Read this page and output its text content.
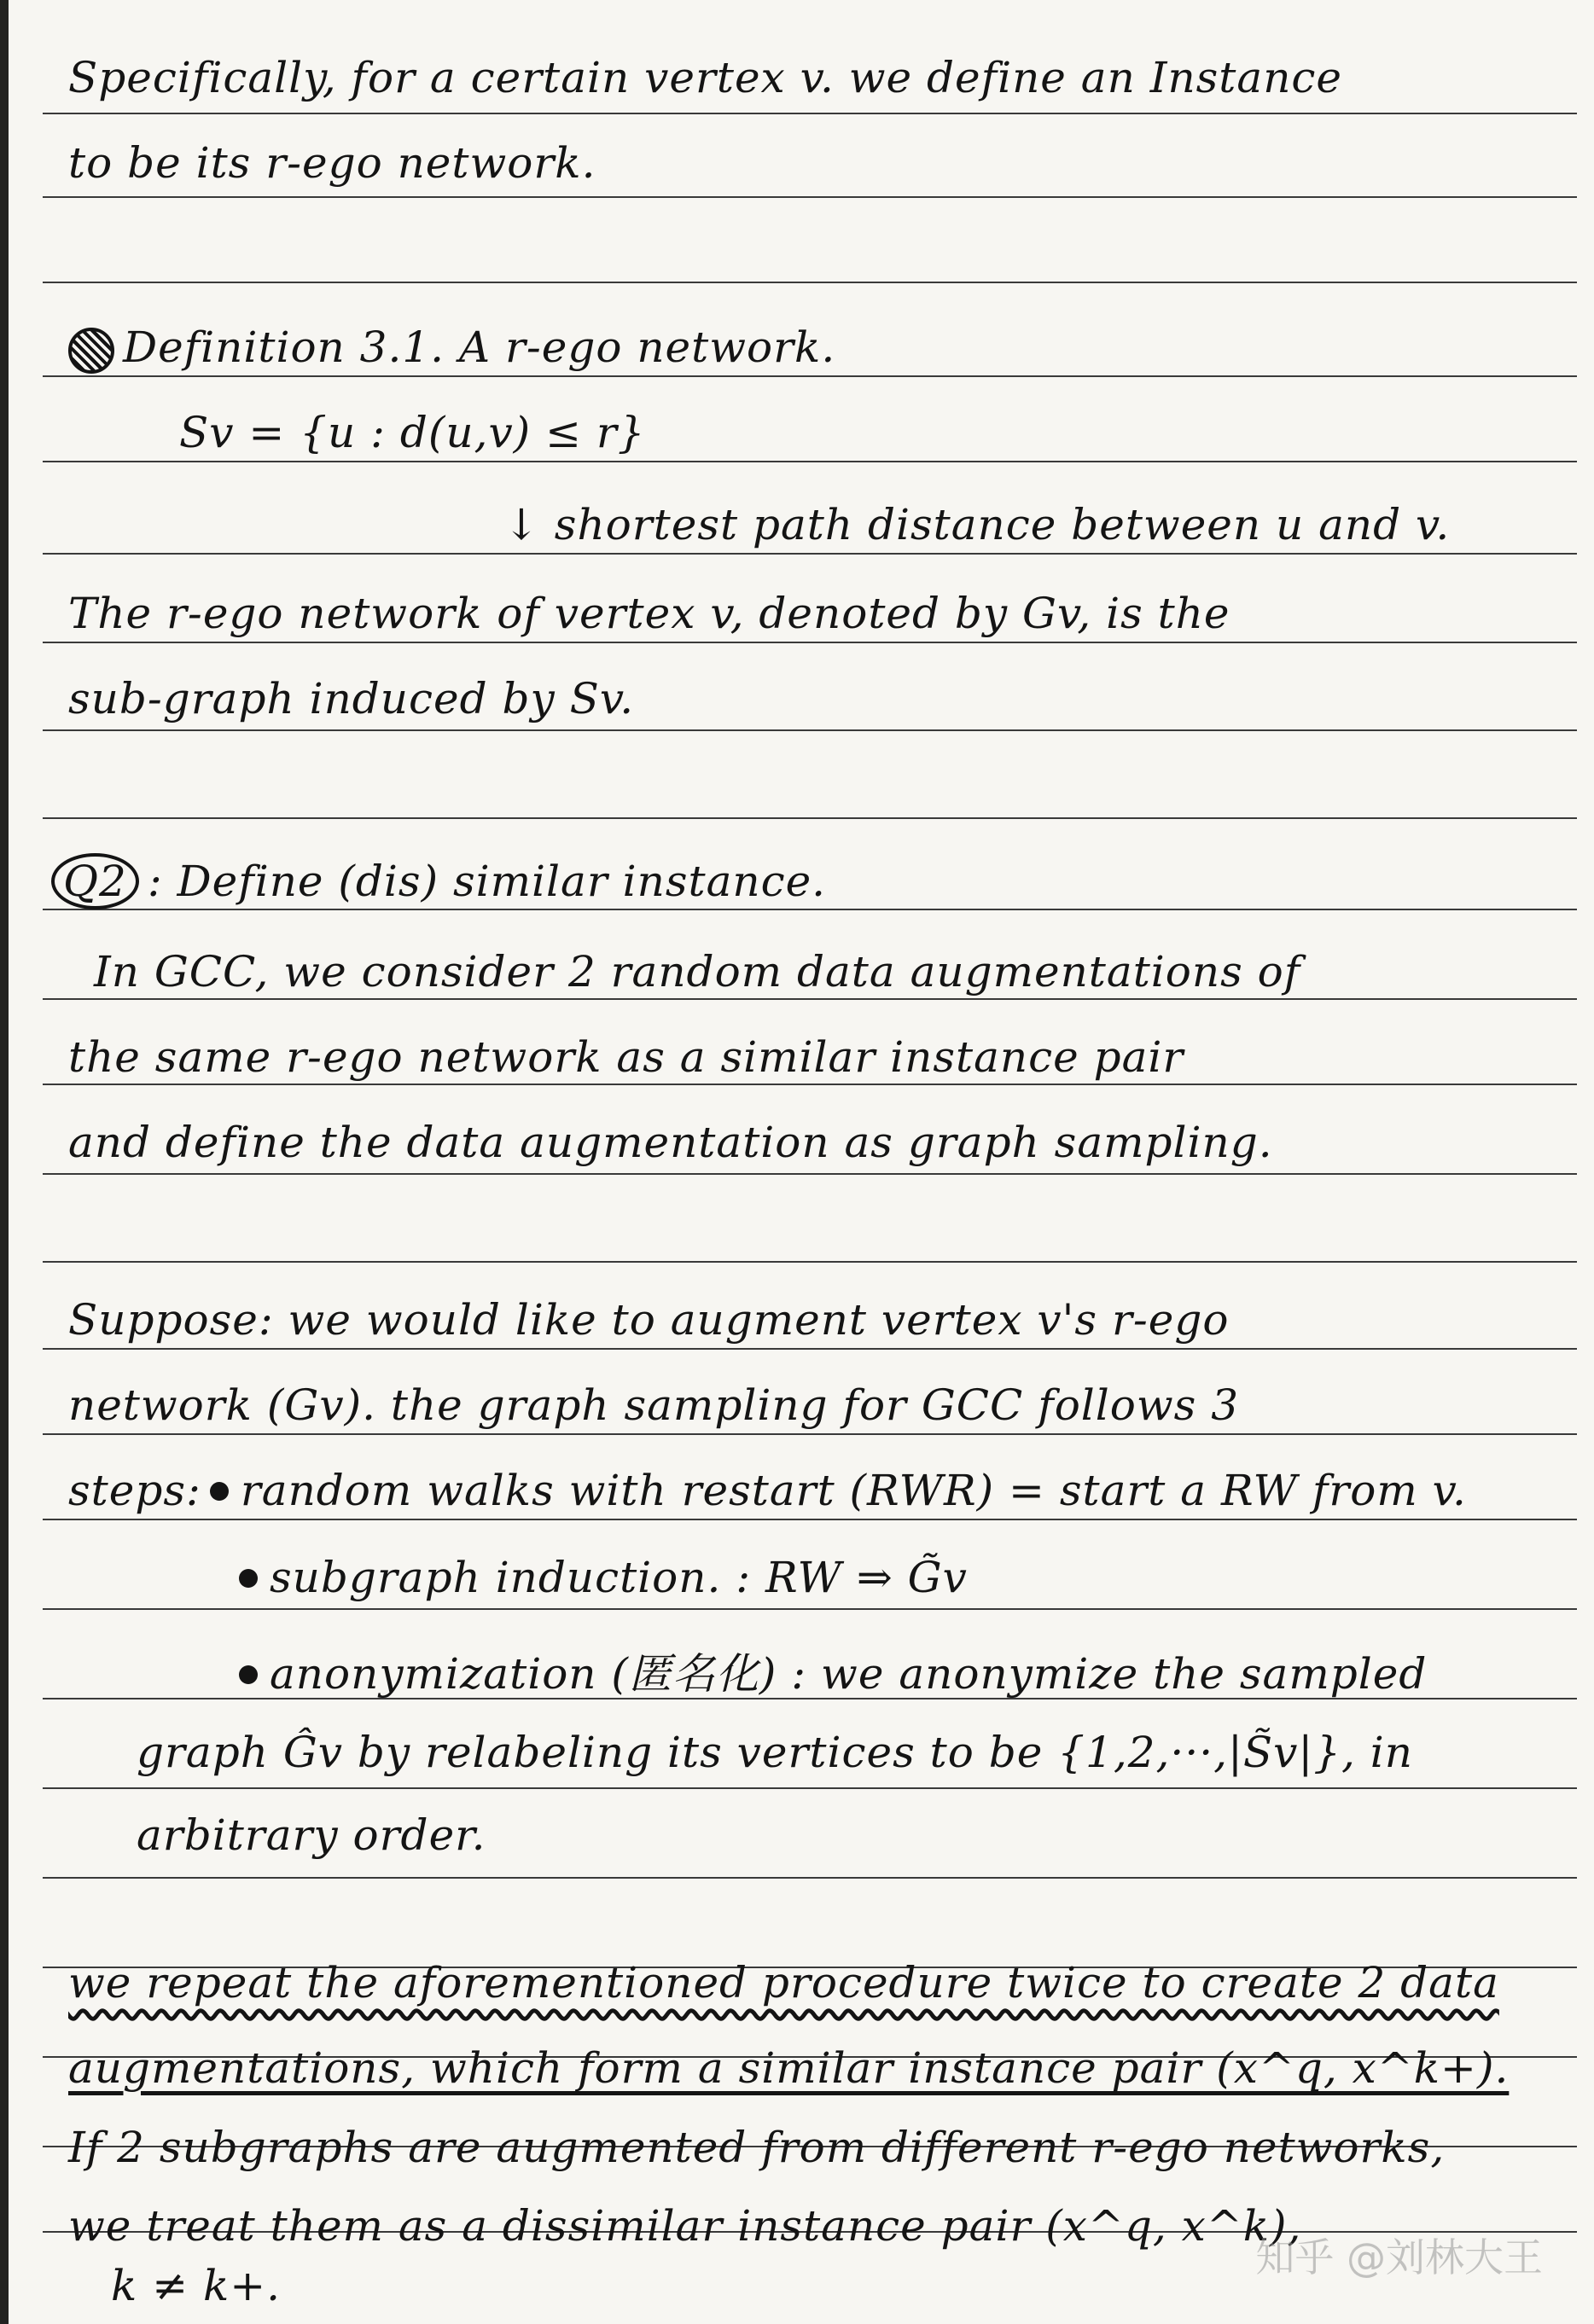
Specifically, for a certain vertex v. we define an Instance
to be its r-ego network.
Definition 3.1. A r-ego network.
Sv = {u : d(u,v) ≤ r}
↓ shortest path distance between u and v.
The r-ego network of vertex v, denoted by Gv, is the
sub-graph induced by Sv.
Q2 : Define (dis) similar instance.
In GCC, we consider 2 random data augmentations of
the same r-ego network as a similar instance pair
and define the data augmentation as graph sampling.
Suppose: we would like to augment vertex v's r-ego
network (Gv). the graph sampling for GCC follows 3
steps: random walks with restart (RWR) = start a RW from v.
subgraph induction. : RW ⇒ G̃v
anonymization (匿名化) : we anonymize the sampled
graph Ĝv by relabeling its vertices to be {1,2,···,|S̃v|}, in
arbitrary order.
we repeat the aforementioned procedure twice to create 2 data
augmentations, which form a similar instance pair (x^q, x^k+).
If 2 subgraphs are augmented from different r-ego networks,
we treat them as a dissimilar instance pair (x^q, x^k),
k ≠ k+.
知乎 @刘林大王
